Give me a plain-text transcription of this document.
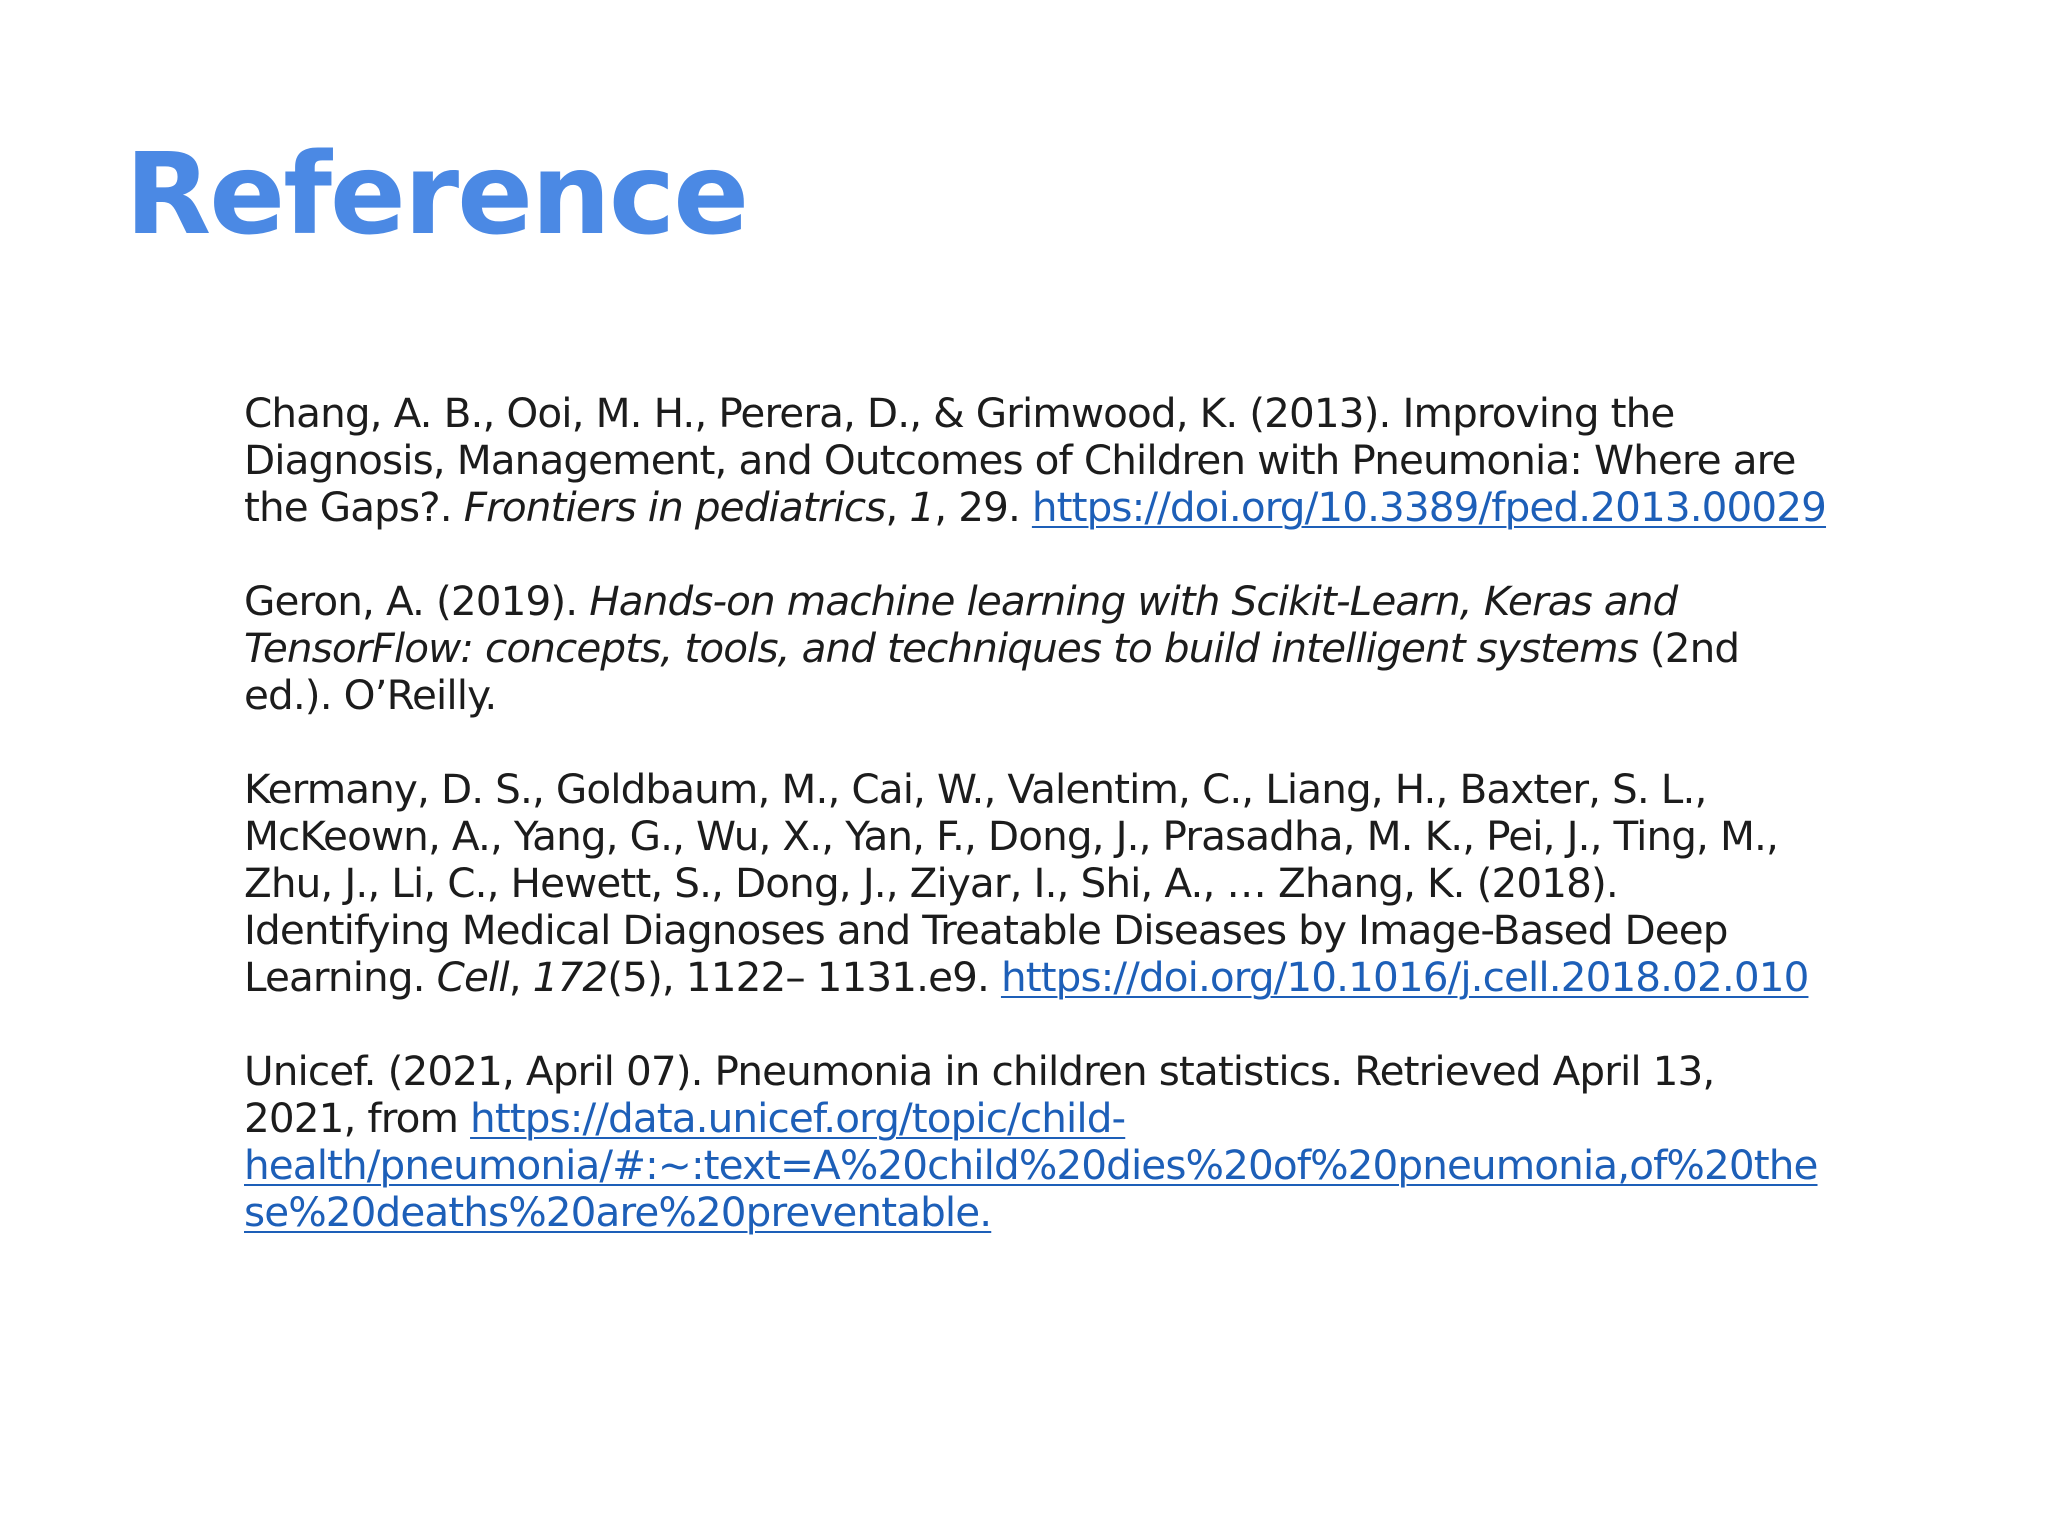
Reference

Chang, A. B., Ooi, M. H., Perera, D., & Grimwood, K. (2013). Improving the Diagnosis, Management, and Outcomes of Children with Pneumonia: Where are the Gaps?. Frontiers in pediatrics, 1, 29. https://doi.org/10.3389/fped.2013.00029

Geron, A. (2019). Hands-on machine learning with Scikit-Learn, Keras and TensorFlow: concepts, tools, and techniques to build intelligent systems (2nd ed.). O’Reilly.

Kermany, D. S., Goldbaum, M., Cai, W., Valentim, C., Liang, H., Baxter, S. L., McKeown, A., Yang, G., Wu, X., Yan, F., Dong, J., Prasadha, M. K., Pei, J., Ting, M., Zhu, J., Li, C., Hewett, S., Dong, J., Ziyar, I., Shi, A., … Zhang, K. (2018). Identifying Medical Diagnoses and Treatable Diseases by Image-Based Deep Learning. Cell, 172(5), 1122– 1131.e9. https://doi.org/10.1016/j.cell.2018.02.010

Unicef. (2021, April 07). Pneumonia in children statistics. Retrieved April 13, 2021, from https://data.unicef.org/topic/child-health/pneumonia/#:~:text=A%20child%20dies%20of%20pneumonia,of%20these%20deaths%20are%20preventable.
